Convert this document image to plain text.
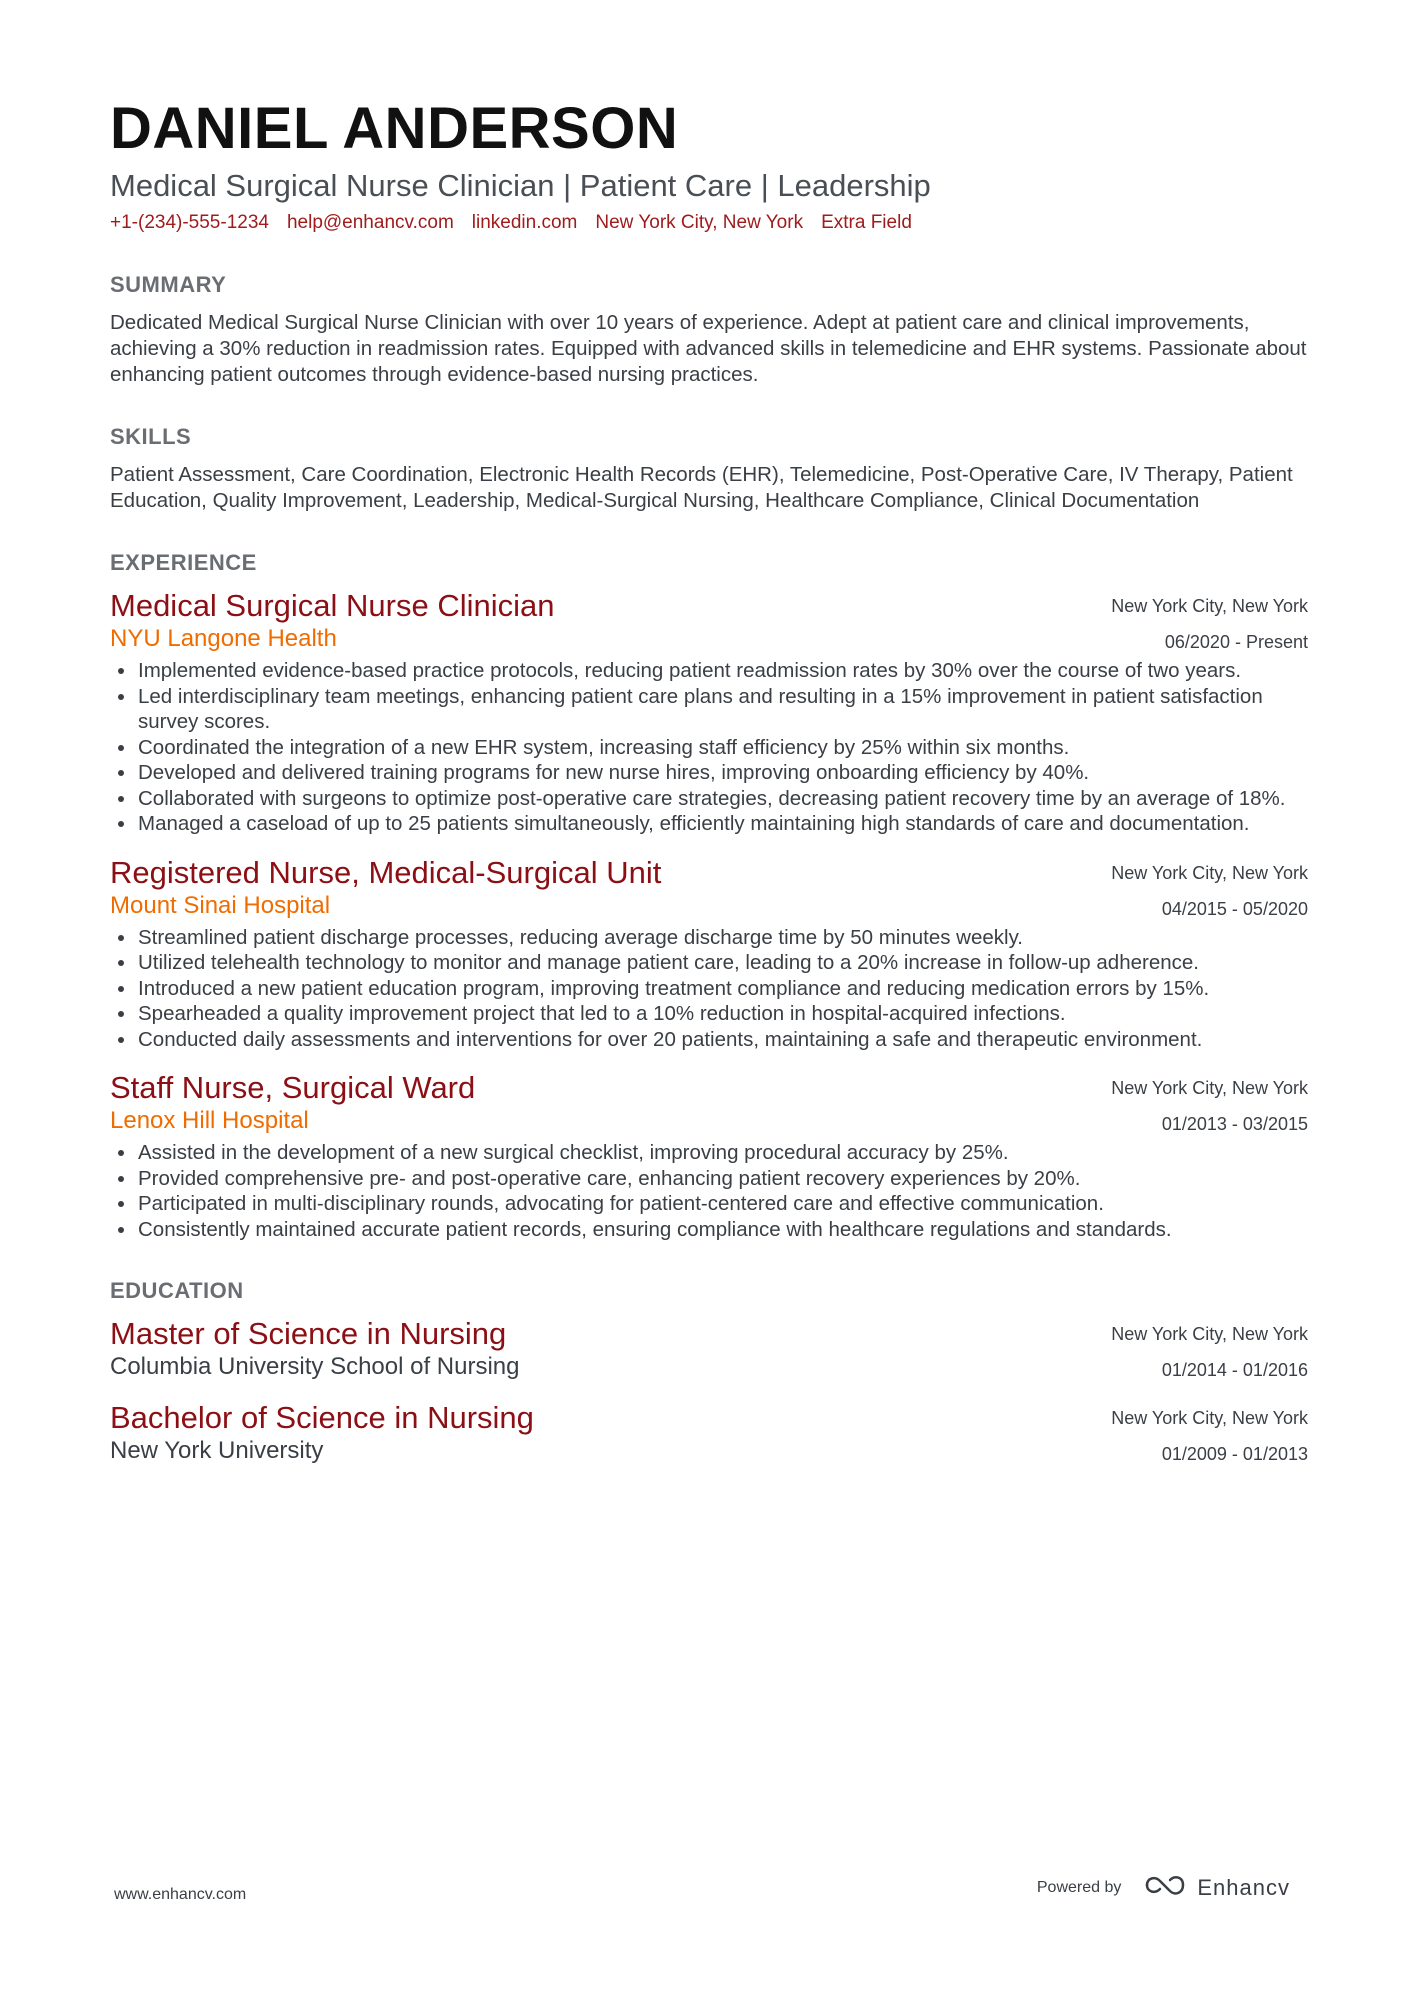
DANIEL ANDERSON
Medical Surgical Nurse Clinician | Patient Care | Leadership
+1-(234)-555-1234 help@enhancv.com linkedin.com New York City, New York Extra Field
SUMMARY
Dedicated Medical Surgical Nurse Clinician with over 10 years of experience. Adept at patient care and clinical improvements, achieving a 30% reduction in readmission rates. Equipped with advanced skills in telemedicine and EHR systems. Passionate about enhancing patient outcomes through evidence-based nursing practices.
SKILLS
Patient Assessment, Care Coordination, Electronic Health Records (EHR), Telemedicine, Post-Operative Care, IV Therapy, Patient Education, Quality Improvement, Leadership, Medical-Surgical Nursing, Healthcare Compliance, Clinical Documentation
EXPERIENCE
Medical Surgical Nurse Clinician
NYU Langone Health
New York City, New York
06/2020 - Present
Implemented evidence-based practice protocols, reducing patient readmission rates by 30% over the course of two years.
Led interdisciplinary team meetings, enhancing patient care plans and resulting in a 15% improvement in patient satisfaction survey scores.
Coordinated the integration of a new EHR system, increasing staff efficiency by 25% within six months.
Developed and delivered training programs for new nurse hires, improving onboarding efficiency by 40%.
Collaborated with surgeons to optimize post-operative care strategies, decreasing patient recovery time by an average of 18%.
Managed a caseload of up to 25 patients simultaneously, efficiently maintaining high standards of care and documentation.
Registered Nurse, Medical-Surgical Unit
Mount Sinai Hospital
New York City, New York
04/2015 - 05/2020
Streamlined patient discharge processes, reducing average discharge time by 50 minutes weekly.
Utilized telehealth technology to monitor and manage patient care, leading to a 20% increase in follow-up adherence.
Introduced a new patient education program, improving treatment compliance and reducing medication errors by 15%.
Spearheaded a quality improvement project that led to a 10% reduction in hospital-acquired infections.
Conducted daily assessments and interventions for over 20 patients, maintaining a safe and therapeutic environment.
Staff Nurse, Surgical Ward
Lenox Hill Hospital
New York City, New York
01/2013 - 03/2015
Assisted in the development of a new surgical checklist, improving procedural accuracy by 25%.
Provided comprehensive pre- and post-operative care, enhancing patient recovery experiences by 20%.
Participated in multi-disciplinary rounds, advocating for patient-centered care and effective communication.
Consistently maintained accurate patient records, ensuring compliance with healthcare regulations and standards.
EDUCATION
Master of Science in Nursing
Columbia University School of Nursing
New York City, New York
01/2014 - 01/2016
Bachelor of Science in Nursing
New York University
New York City, New York
01/2009 - 01/2013
www.enhancv.com	Powered by	Enhancv
